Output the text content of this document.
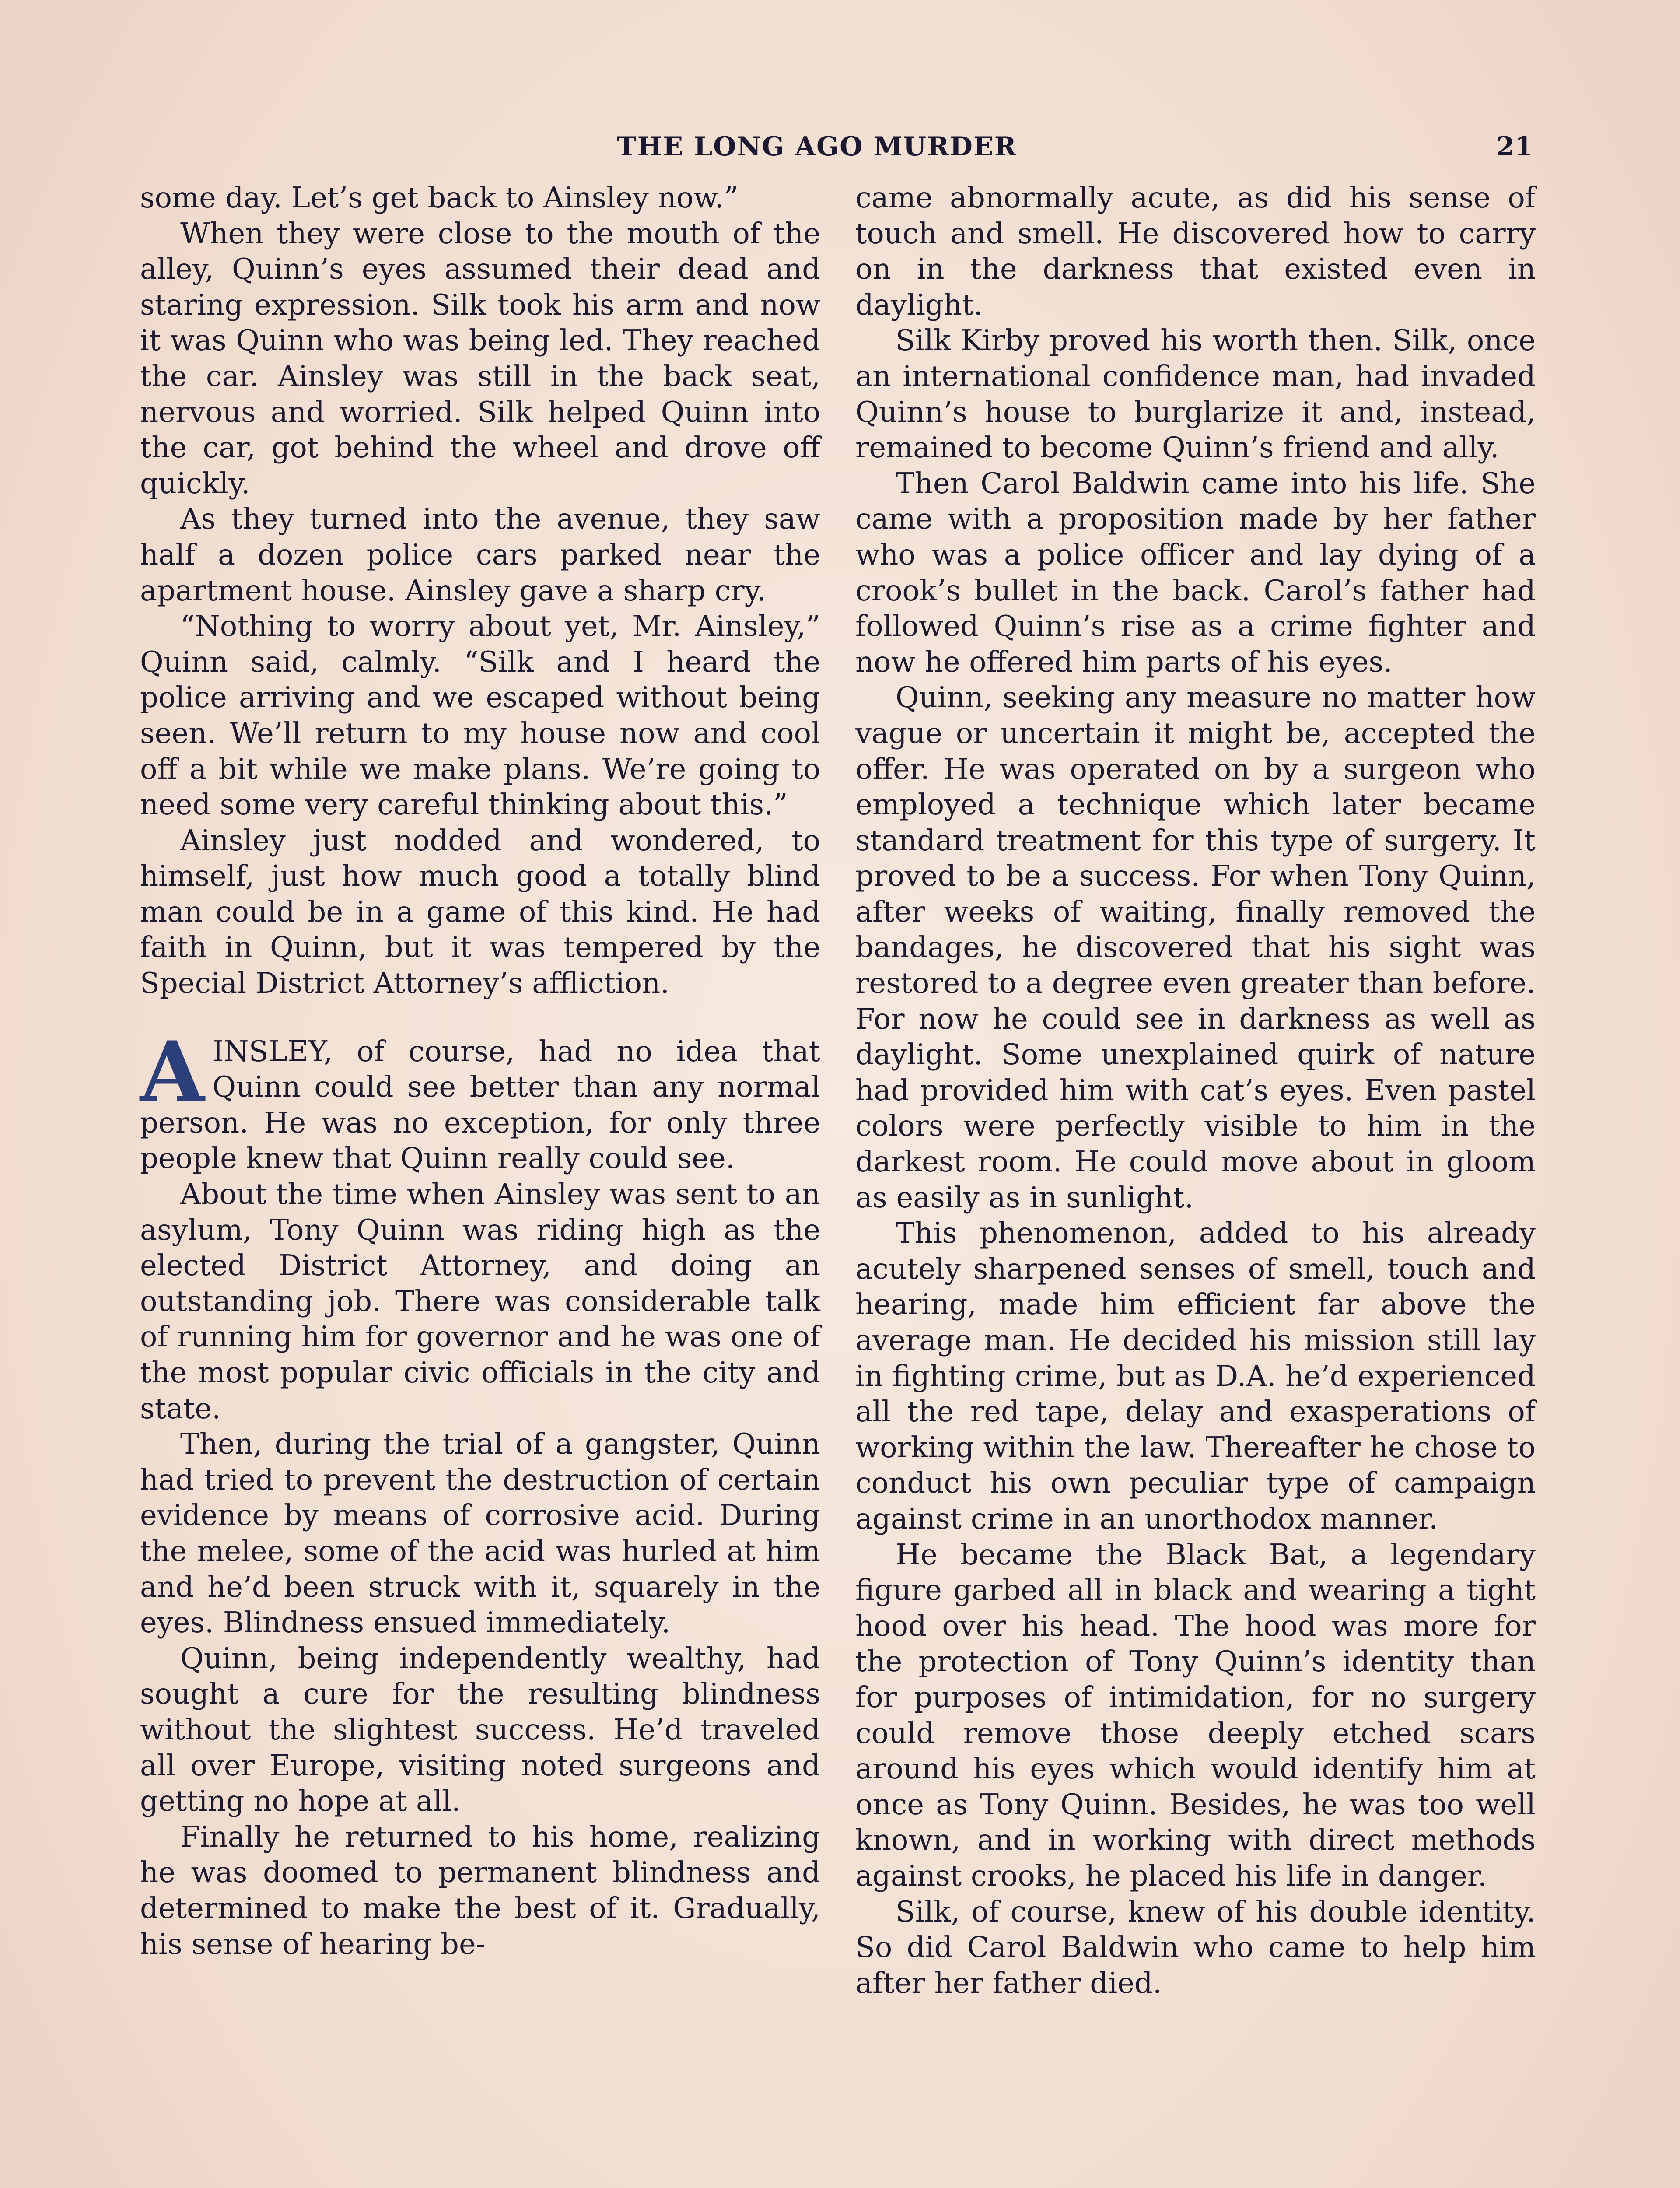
THE LONG AGO MURDER	21

some day. Let’s get back to Ainsley now.”

When they were close to the mouth of the alley, Quinn’s eyes assumed their dead and staring expression. Silk took his arm and now it was Quinn who was being led. They reached the car. Ainsley was still in the back seat, nervous and worried. Silk helped Quinn into the car, got behind the wheel and drove off quickly.

As they turned into the avenue, they saw half a dozen police cars parked near the apartment house. Ainsley gave a sharp cry.

“Nothing to worry about yet, Mr. Ainsley,” Quinn said, calmly. “Silk and I heard the police arriving and we escaped without being seen. We’ll return to my house now and cool off a bit while we make plans. We’re going to need some very careful thinking about this.”

Ainsley just nodded and wondered, to himself, just how much good a totally blind man could be in a game of this kind. He had faith in Quinn, but it was tempered by the Special District Attorney’s affliction.

AINSLEY, of course, had no idea that Quinn could see better than any normal person. He was no exception, for only three people knew that Quinn really could see.

About the time when Ainsley was sent to an asylum, Tony Quinn was riding high as the elected District Attorney, and doing an outstanding job. There was considerable talk of running him for governor and he was one of the most popular civic officials in the city and state.

Then, during the trial of a gangster, Quinn had tried to prevent the destruction of certain evidence by means of corrosive acid. During the melee, some of the acid was hurled at him and he’d been struck with it, squarely in the eyes. Blindness ensued immediately.

Quinn, being independently wealthy, had sought a cure for the resulting blindness without the slightest success. He’d traveled all over Europe, visiting noted surgeons and getting no hope at all.

Finally he returned to his home, realizing he was doomed to permanent blindness and determined to make the best of it. Gradually, his sense of hearing be-

came abnormally acute, as did his sense of touch and smell. He discovered how to carry on in the darkness that existed even in daylight.

Silk Kirby proved his worth then. Silk, once an international confidence man, had invaded Quinn’s house to burglarize it and, instead, remained to become Quinn’s friend and ally.

Then Carol Baldwin came into his life. She came with a proposition made by her father who was a police officer and lay dying of a crook’s bullet in the back. Carol’s father had followed Quinn’s rise as a crime fighter and now he offered him parts of his eyes.

Quinn, seeking any measure no matter how vague or uncertain it might be, accepted the offer. He was operated on by a surgeon who employed a technique which later became standard treatment for this type of surgery. It proved to be a success. For when Tony Quinn, after weeks of waiting, finally removed the bandages, he discovered that his sight was restored to a degree even greater than before. For now he could see in darkness as well as daylight. Some unexplained quirk of nature had provided him with cat’s eyes. Even pastel colors were perfectly visible to him in the darkest room. He could move about in gloom as easily as in sunlight.

This phenomenon, added to his already acutely sharpened senses of smell, touch and hearing, made him efficient far above the average man. He decided his mission still lay in fighting crime, but as D.A. he’d experienced all the red tape, delay and exasperations of working within the law. Thereafter he chose to conduct his own peculiar type of campaign against crime in an unorthodox manner.

He became the Black Bat, a legendary figure garbed all in black and wearing a tight hood over his head. The hood was more for the protection of Tony Quinn’s identity than for purposes of intimidation, for no surgery could remove those deeply etched scars around his eyes which would identify him at once as Tony Quinn. Besides, he was too well known, and in working with direct methods against crooks, he placed his life in danger.

Silk, of course, knew of his double identity. So did Carol Baldwin who came to help him after her father died.
